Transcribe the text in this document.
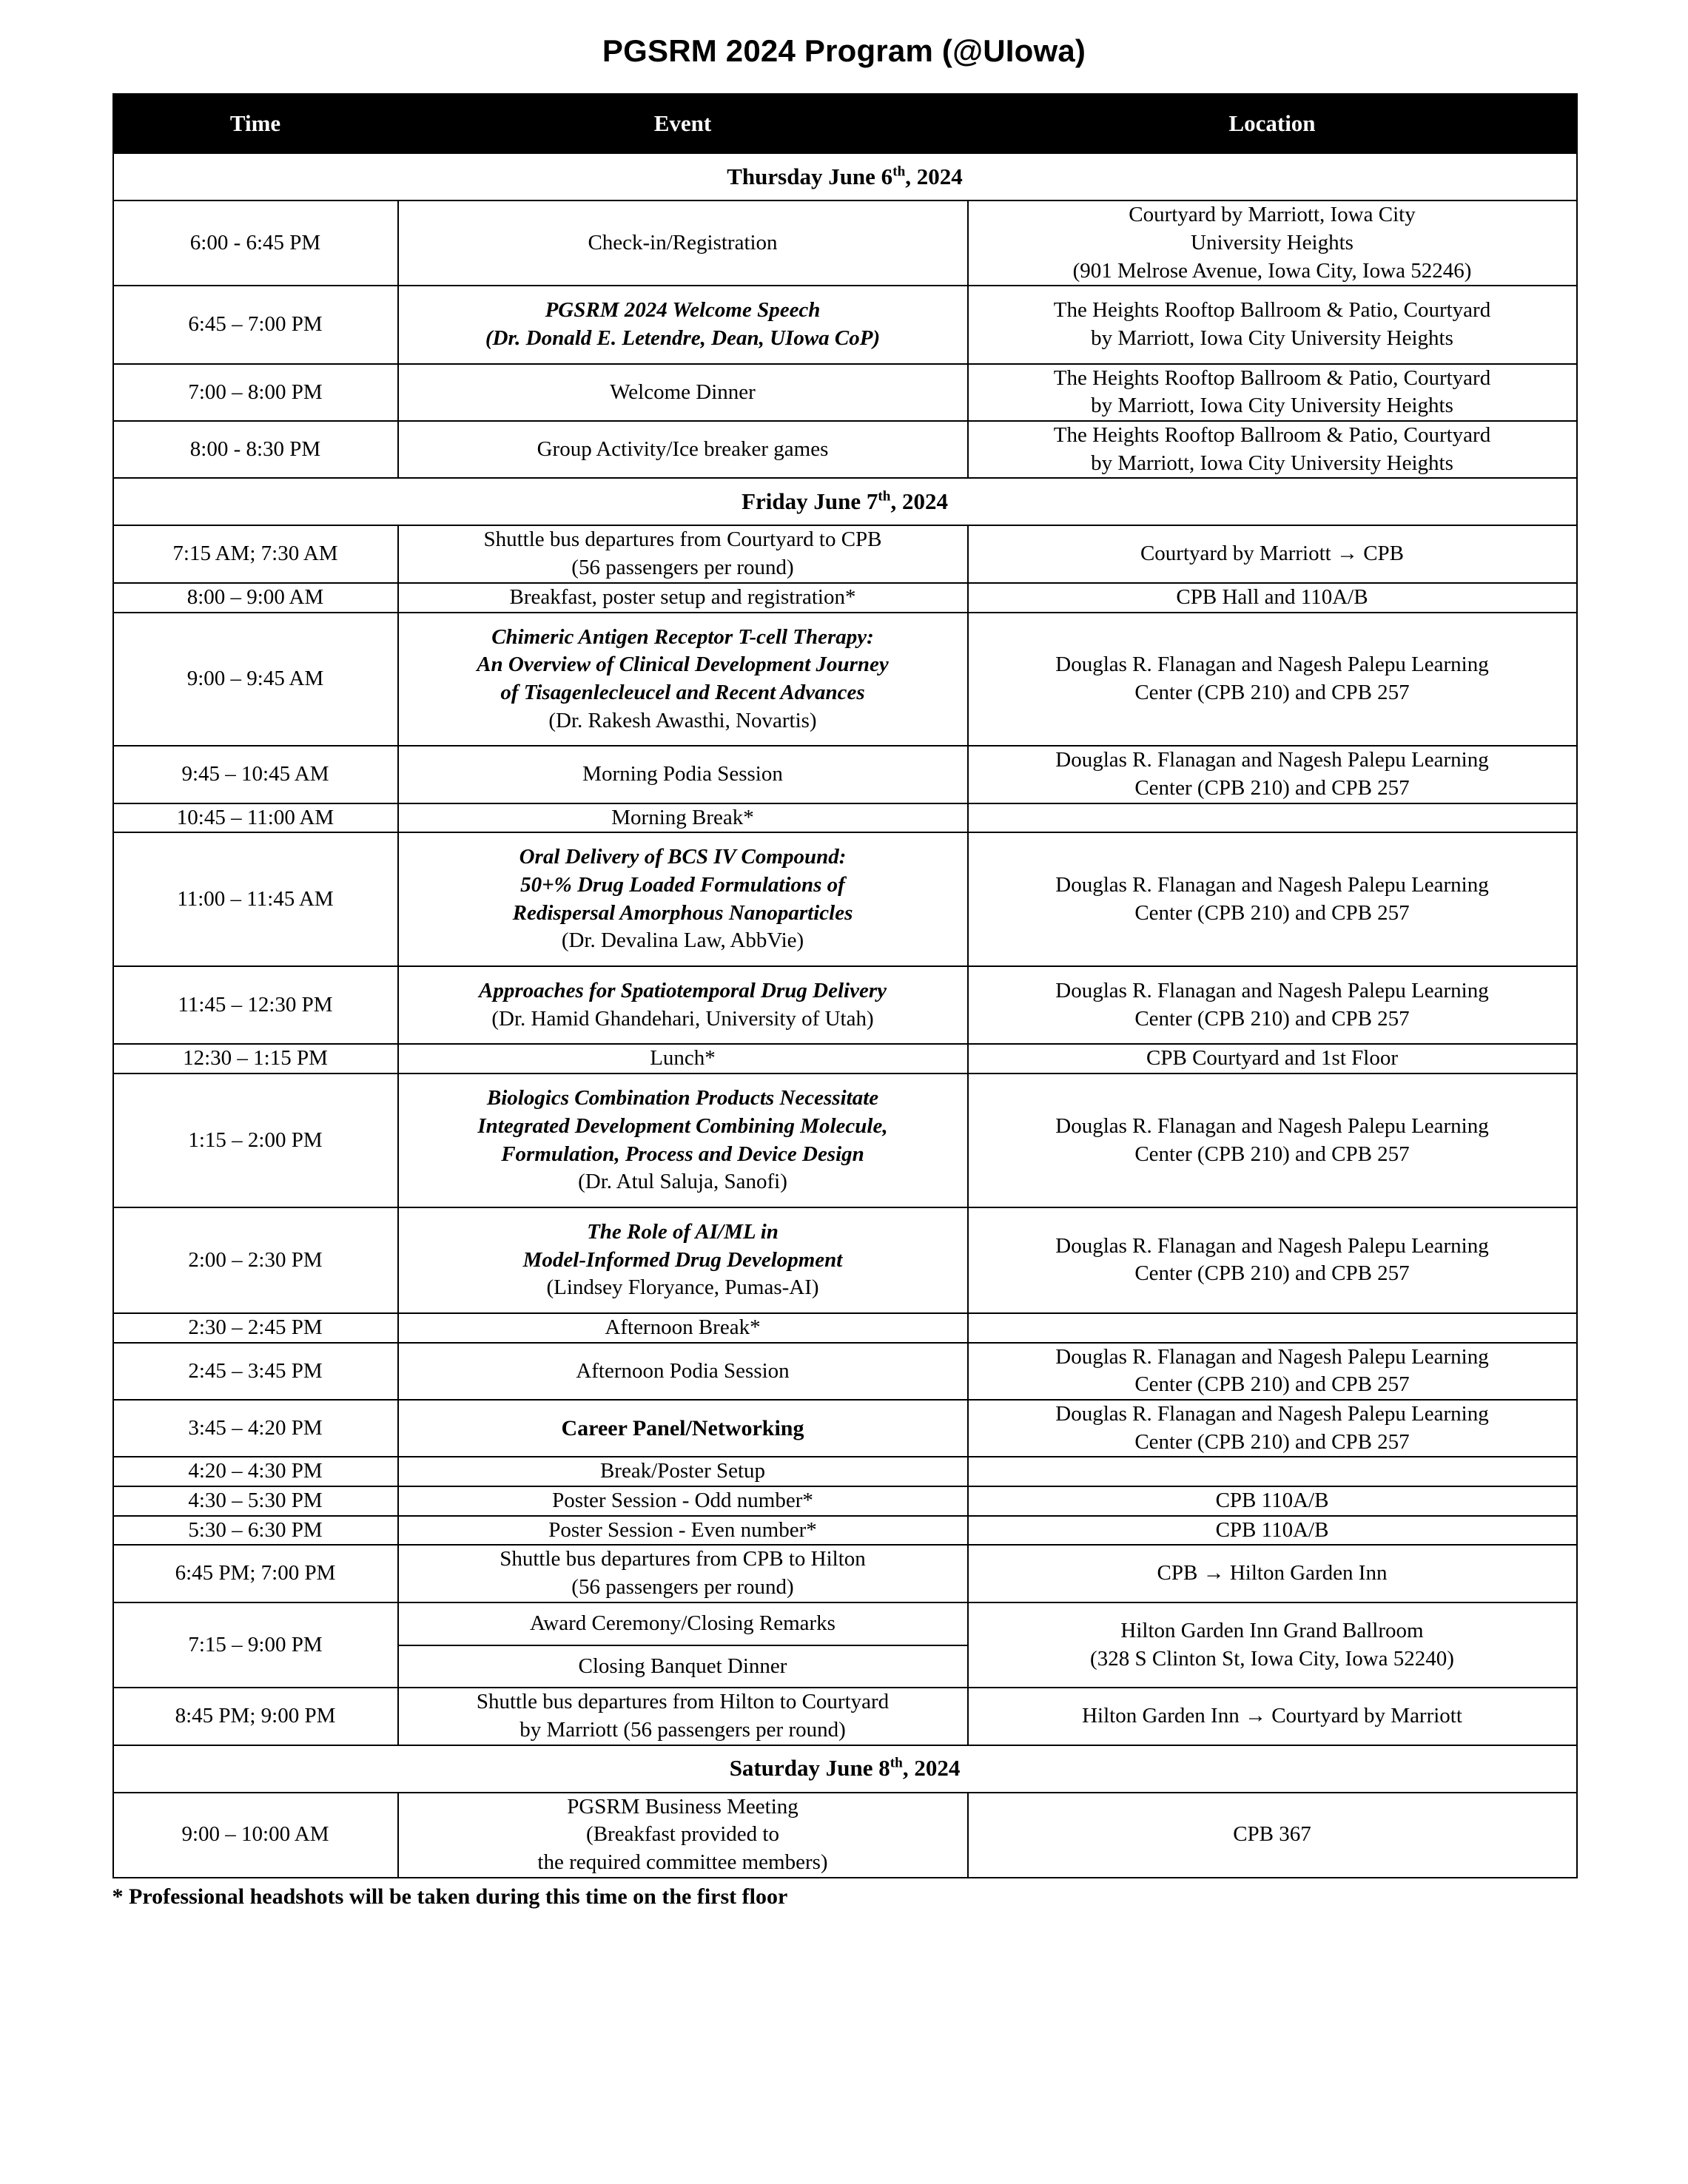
PGSRM 2024 Program (@UIowa)
Time	Event	Location
Thursday June 6th, 2024		
6:00 - 6:45 PM	Check-in/Registration	Courtyard by Marriott, Iowa City
University Heights
(901 Melrose Avenue, Iowa City, Iowa 52246)

6:45 – 7:00 PM	PGSRM 2024 Welcome Speech
(Dr. Donald E. Letendre, Dean, UIowa CoP)	The Heights Rooftop Ballroom & Patio, Courtyard
by Marriott, Iowa City University Heights

7:00 – 8:00 PM	Welcome Dinner	The Heights Rooftop Ballroom & Patio, Courtyard
by Marriott, Iowa City University Heights

8:00 - 8:30 PM	Group Activity/Ice breaker games	The Heights Rooftop Ballroom & Patio, Courtyard
by Marriott, Iowa City University Heights

Friday June 7th, 2024		
7:15 AM; 7:30 AM	Shuttle bus departures from Courtyard to CPB
(56 passengers per round)	Courtyard by Marriott → CPB

8:00 – 9:00 AM	Breakfast, poster setup and registration*	CPB Hall and 110A/B

9:00 – 9:45 AM	Chimeric Antigen Receptor T-cell Therapy:
An Overview of Clinical Development Journey
of Tisagenlecleucel and Recent Advances
(Dr. Rakesh Awasthi, Novartis)	Douglas R. Flanagan and Nagesh Palepu Learning
Center (CPB 210) and CPB 257

9:45 – 10:45 AM	Morning Podia Session	Douglas R. Flanagan and Nagesh Palepu Learning
Center (CPB 210) and CPB 257

10:45 – 11:00 AM	Morning Break*	

11:00 – 11:45 AM	Oral Delivery of BCS IV Compound:
50+% Drug Loaded Formulations of
Redispersal Amorphous Nanoparticles
(Dr. Devalina Law, AbbVie)	Douglas R. Flanagan and Nagesh Palepu Learning
Center (CPB 210) and CPB 257

11:45 – 12:30 PM	Approaches for Spatiotemporal Drug Delivery
(Dr. Hamid Ghandehari, University of Utah)	Douglas R. Flanagan and Nagesh Palepu Learning
Center (CPB 210) and CPB 257

12:30 – 1:15 PM	Lunch*	CPB Courtyard and 1st Floor

1:15 – 2:00 PM	Biologics Combination Products Necessitate
Integrated Development Combining Molecule,
Formulation, Process and Device Design
(Dr. Atul Saluja, Sanofi)	Douglas R. Flanagan and Nagesh Palepu Learning
Center (CPB 210) and CPB 257

2:00 – 2:30 PM	The Role of AI/ML in
Model-Informed Drug Development
(Lindsey Floryance, Pumas-AI)	Douglas R. Flanagan and Nagesh Palepu Learning
Center (CPB 210) and CPB 257

2:30 – 2:45 PM	Afternoon Break*	

2:45 – 3:45 PM	Afternoon Podia Session	Douglas R. Flanagan and Nagesh Palepu Learning
Center (CPB 210) and CPB 257

3:45 – 4:20 PM	Career Panel/Networking	Douglas R. Flanagan and Nagesh Palepu Learning
Center (CPB 210) and CPB 257

4:20 – 4:30 PM	Break/Poster Setup	

4:30 – 5:30 PM	Poster Session - Odd number*	CPB 110A/B

5:30 – 6:30 PM	Poster Session - Even number*	CPB 110A/B

6:45 PM; 7:00 PM	Shuttle bus departures from CPB to Hilton
(56 passengers per round)	CPB → Hilton Garden Inn

7:15 – 9:00 PM	Award Ceremony/Closing Remarks
Closing Banquet Dinner	Hilton Garden Inn Grand Ballroom
(328 S Clinton St, Iowa City, Iowa 52240)

8:45 PM; 9:00 PM	Shuttle bus departures from Hilton to Courtyard
by Marriott (56 passengers per round)	Hilton Garden Inn → Courtyard by Marriott

Saturday June 8th, 2024		
9:00 – 10:00 AM	PGSRM Business Meeting
(Breakfast provided to
the required committee members)	CPB 367
* Professional headshots will be taken during this time on the first floor
